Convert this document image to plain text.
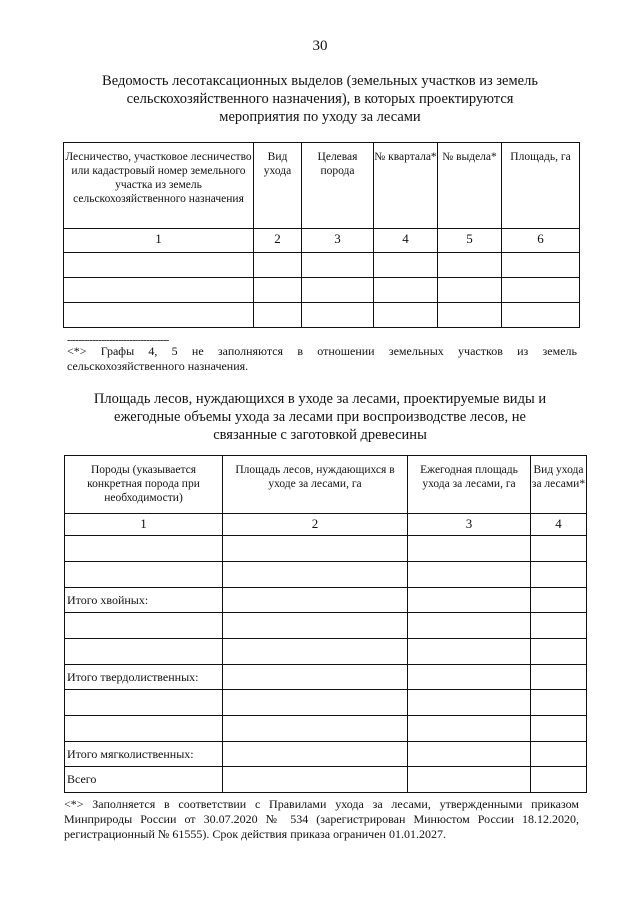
30
Ведомость лесотаксационных выделов (земельных участков из земель сельскохозяйственного назначения), в которых проектируются мероприятия по уходу за лесами
Лесничество, участковое лесничество или кадастровый номер земельного участка из земель сельскохозяйственного назначения	Вид ухода	Целевая порода	№ квартала*	№ выдела*	Площадь, га
1	2	3	4	5	6

------------------------------------
<*> Графы 4, 5 не заполняются в отношении земельных участков из земель
сельскохозяйственного назначения.
Площадь лесов, нуждающихся в уходе за лесами, проектируемые виды и ежегодные объемы ухода за лесами при воспроизводстве лесов, не связанные с заготовкой древесины
Породы (указывается конкретная порода при необходимости)	Площадь лесов, нуждающихся в уходе за лесами, га	Ежегодная площадь ухода за лесами, га	Вид ухода за лесами*
1	2	3	4

Итого хвойных:			

Итого твердолиственных:			

Итого мягколиственных:			
Всего			
<*> Заполняется в соответствии с Правилами ухода за лесами, утвержденными приказом Минприроды России от 30.07.2020 № 534 (зарегистрирован Минюстом России 18.12.2020, регистрационный № 61555). Срок действия приказа ограничен 01.01.2027.
